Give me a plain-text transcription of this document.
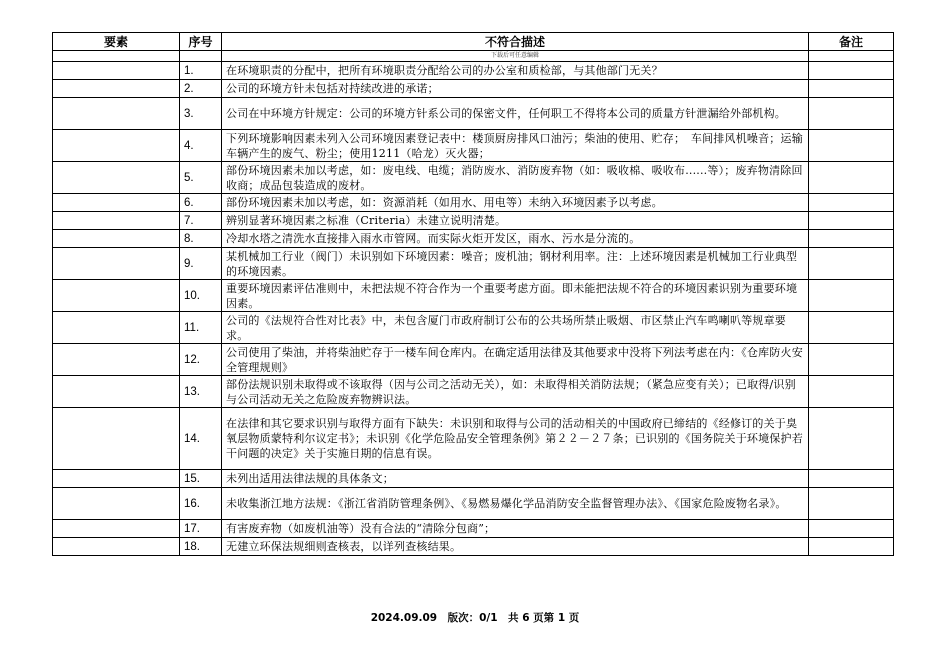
要素	序号	不符合描述	备注
		下载后可任意编辑	
	1.	在环境职责的分配中，把所有环境职责分配给公司的办公室和质检部，与其他部门无关？	
	2.	公司的环境方针未包括对持续改进的承诺；	
	3.	公司在中环境方针规定：公司的环境方针系公司的保密文件，任何职工不得将本公司的质量方针泄漏给外部机构。	
	4.	下列环境影响因素未列入公司环境因素登记表中：楼顶厨房排风口油污；柴油的使用、贮存；　车间排风机噪音；运输车辆产生的废气、粉尘；使用1211（哈龙）灭火器；	
	5.	部份环境因素未加以考虑，如：废电线、电缆；消防废水、消防废弃物（如：吸收棉、吸收布......等）；废弃物清除回收商；成品包装造成的废材。	
	6.	部份环境因素未加以考虑，如：资源消耗（如用水、用电等）未纳入环境因素予以考虑。	
	7.	辨别显著环境因素之标准（Criteria）未建立说明清楚。	
	8.	冷却水塔之清洗水直接排入雨水市管网。而实际火炬开发区，雨水、污水是分流的。	
	9.	某机械加工行业（阀门）未识别如下环境因素：噪音；废机油；钢材利用率。注：上述环境因素是机械加工行业典型的环境因素。	
	10.	重要环境因素评估准则中，未把法规不符合作为一个重要考虑方面。即未能把法规不符合的环境因素识别为重要环境因素。	
	11.	公司的《法规符合性对比表》中，未包含厦门市政府制订公布的公共场所禁止吸烟、市区禁止汽车鸣喇叭等规章要求。	
	12.	公司使用了柴油，并将柴油贮存于一楼车间仓库内。在确定适用法律及其他要求中没将下列法考虑在内：《仓库防火安全管理规则》	
	13.	部份法规识别未取得或不该取得（因与公司之活动无关），如：未取得相关消防法规；（紧急应变有关）；已取得/识别与公司活动无关之危险废弃物辨识法。	
	14.	在法律和其它要求识别与取得方面有下缺失：未识别和取得与公司的活动相关的中国政府已缔结的《经修订的关于臭氧层物质蒙特利尔议定书》；未识别《化学危险品安全管理条例》第２２－２７条；已识别的《国务院关于环境保护若干问题的决定》关于实施日期的信息有误。	
	15.	未列出适用法律法规的具体条文；	
	16.	未收集浙江地方法规：《浙江省消防管理条例》、《易燃易爆化学品消防安全监督管理办法》、《国家危险废物名录》。	
	17.	有害废弃物（如废机油等）没有合法的“清除分包商”；	
	18.	无建立环保法规细则查核表，以详列查核结果。	
2024.09.09　版次：0/1　共 6 页第 1 页
